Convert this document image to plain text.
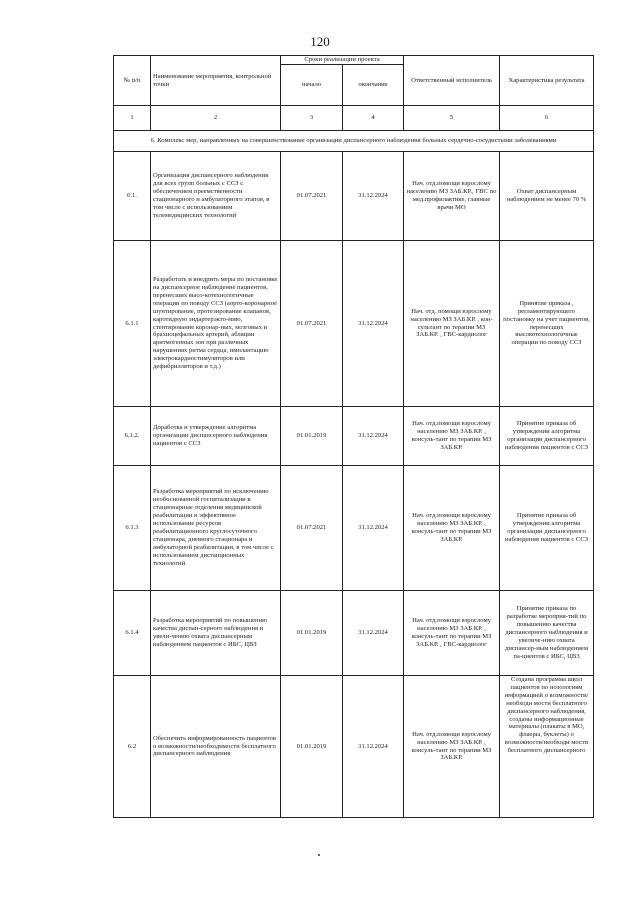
120
№ п/п	Наименование мероприятия, контрольной точки	Сроки реализации проекта		Ответственный исполнитель	Характеристика результата
		начало	окончание		
1	2	3	4	5	6
6. Комплекс мер, направленных на совершенствование организации диспансерного наблюдения больных сердечно-сосудистыми заболеваниями					
6.1.	Организация диспансерного наблюдения для всех групп больных с ССЗ с обеспечением преемственности стационарного и амбулаторного этапов, в том числе с использованием телемедицинских технологий	01.07.2021	31.12.2024	Нач. отд.помощи взрослому населению МЗ ЗАБ.КР., ГВС по мед.профилактике, главные врачи МО	Охват диспансерным наблюдением не менее 70 %
6.1.1	Разработать и внедрить меры по постановке на диспансерное наблюдение пациентов, перенесших высо-котехнологичные операции по поводу ССЗ (аорто-коронарное шунтирование, протезирование клапанов, каротидную эндартерэкто-мию, стентирование коронар-ных, мозговых и брахиоцефальных артерий, абляции аритмогенных зон при различных нарушениях ритма сердца, имплантацию электрокардиостимуляторов или дефибрилляторов и т.д.)	01.07.2021	31.12.2024	Нач. отд. помощи взрослому населению МЗ ЗАБ.КР. , кон-сультант по терапии МЗ ЗАБ.КР. , ГВС-кардиолог	Принятие приказа , регламентирующего постановку на учет пациентов, перенесших высокотехнологичные операции по поводу ССЗ
6.1.2.	Доработка и утверждение алгоритма организации диспансерного наблюдения пациентов с ССЗ	01.01.2019	31.12.2024	Нач. отд.помощи взрослому населению МЗ ЗАБ.КР. , консуль-тант по терапии МЗ ЗАБ.КР.	Принятие приказа об утверждении алгоритма организации диспансерного наблюдения пациентов с ССЗ
6.1.3	Разработка мероприятий по исключению необоснованной госпитализации в стационарные отделения медицинской реабилитации и эффективное использование ресурсов реабилитационного круглосуточного стационара, дневного стационара и амбулаторной реабилитации, в том числе с использованием дистанционных технологий	01.07.2021	31.12.2024	Нач. отд.помощи взрослому населению МЗ ЗАБ.КР. , консуль-тант по терапии МЗ ЗАБ.КР.	Принятие приказа об утверждении алгоритма организации диспансерного наблюдения пациентов с ССЗ
6.1.4	Разработка мероприятий по повышению качества диспан-серного наблюдения и увели-чению охвата диспансерным наблюдением пациентов с ИБС, ЦВЗ	01.01.2019	31.12.2024	Нач. отд.помощи взрослому населению МЗ ЗАБ.КР. , консуль-тант по терапии МЗ ЗАБ.КР. , ГВС-кардиолог	Принятие приказа по разработке мероприя-тий по повышению качества диспансерного наблюдения и увеличе-нию охвата диспансер-ным наблюдением па-циентов с ИБС, ЦВЗ
6.2	Обеспечить информированность пациентов о возможности/необходимости бесплатного диспансерного наблюдения	01.01.2019	31.12.2024	Нач. отд.помощи взрослому населению МЗ ЗАБ.КР. , консуль-тант по терапии МЗ ЗАБ.КР.	Создана программа школ пациентов по нозологиям информацией о возможности/необходи мости бесплатного диспансерного наблюдения, созданы информационные материалы (плакаты в МО, флаеры, буклеты) о возможности/необходи мости бесплатного диспансерного
